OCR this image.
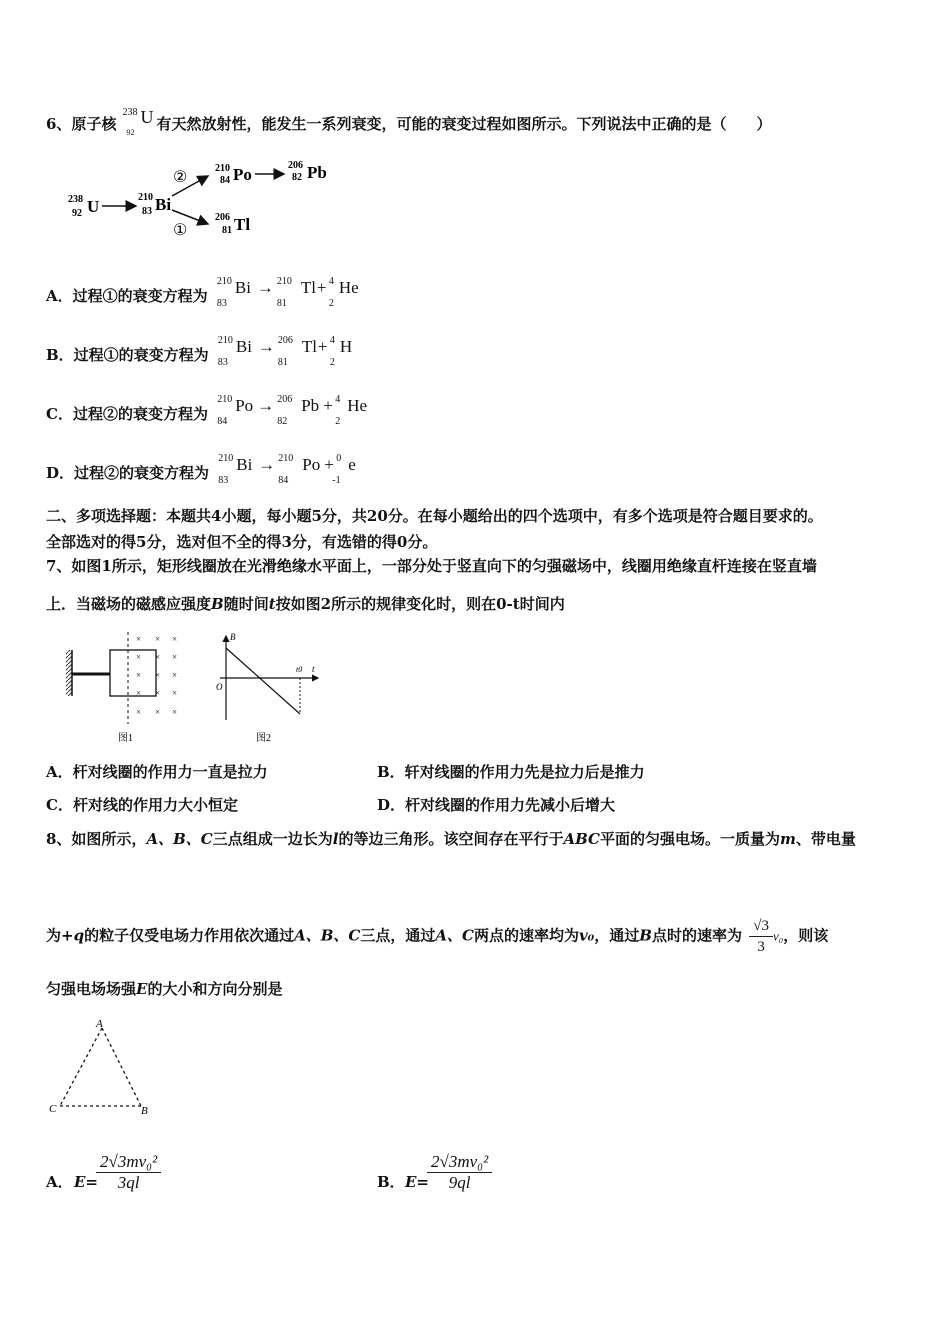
6、原子核
238
92
U 有天然放射性，能发生一系列衰变，可能的衰变过程如图所示。下列说法中正确的是（　　）
238
92 U	210
83 Bi
②
①
210
84 Po	206
82 Pb
206
81 Tl
A．过程①的衰变方程为
210
83
Bi → 210
81
Tl + 4
2
He
B．过程①的衰变方程为
210
83
Bi → 206
81
Tl + 4
2
H
C．过程②的衰变方程为
210
84
Po → 206
82
Pb + 4
2
He
D．过程②的衰变方程为
210
83
Bi → 210
84
Po + 0
-1
e
二、多项选择题：本题共4小题，每小题5分，共20分。在每小题给出的四个选项中，有多个选项是符合题目要求的。
全部选对的得5分，选对但不全的得3分，有选错的得0分。
7、如图1所示，矩形线圈放在光滑绝缘水平面上，一部分处于竖直向下的匀强磁场中，线圈用绝缘直杆连接在竖直墙
上．当磁场的磁感应强度B随时间t按如图2所示的规律变化时，则在0-t时间内
× × ×
× × ×
× × ×
× × ×
× × ×
图1
B
t
O
t0
图2
A．杆对线圈的作用力一直是拉力	B．轩对线圈的作用力先是拉力后是推力
C．杆对线的作用力大小恒定	D．杆对线圈的作用力先减小后增大
8、如图所示，A、B、C三点组成一边长为l的等边三角形。该空间存在平行于ABC平面的匀强电场。一质量为m、带电量
为+q的粒子仅受电场力作用依次通过A、B、C三点，通过A、C两点的速率均为v₀，通过B点时的速率为 $\frac{√3}{3} v_0$，则该
匀强电场场强E的大小和方向分别是
A
C	B
A． E=
$\frac{\text{2√3mv₀²}}{3ql}$	B． E=
$\frac{\text{2√3mv₀²}}{9ql}$
